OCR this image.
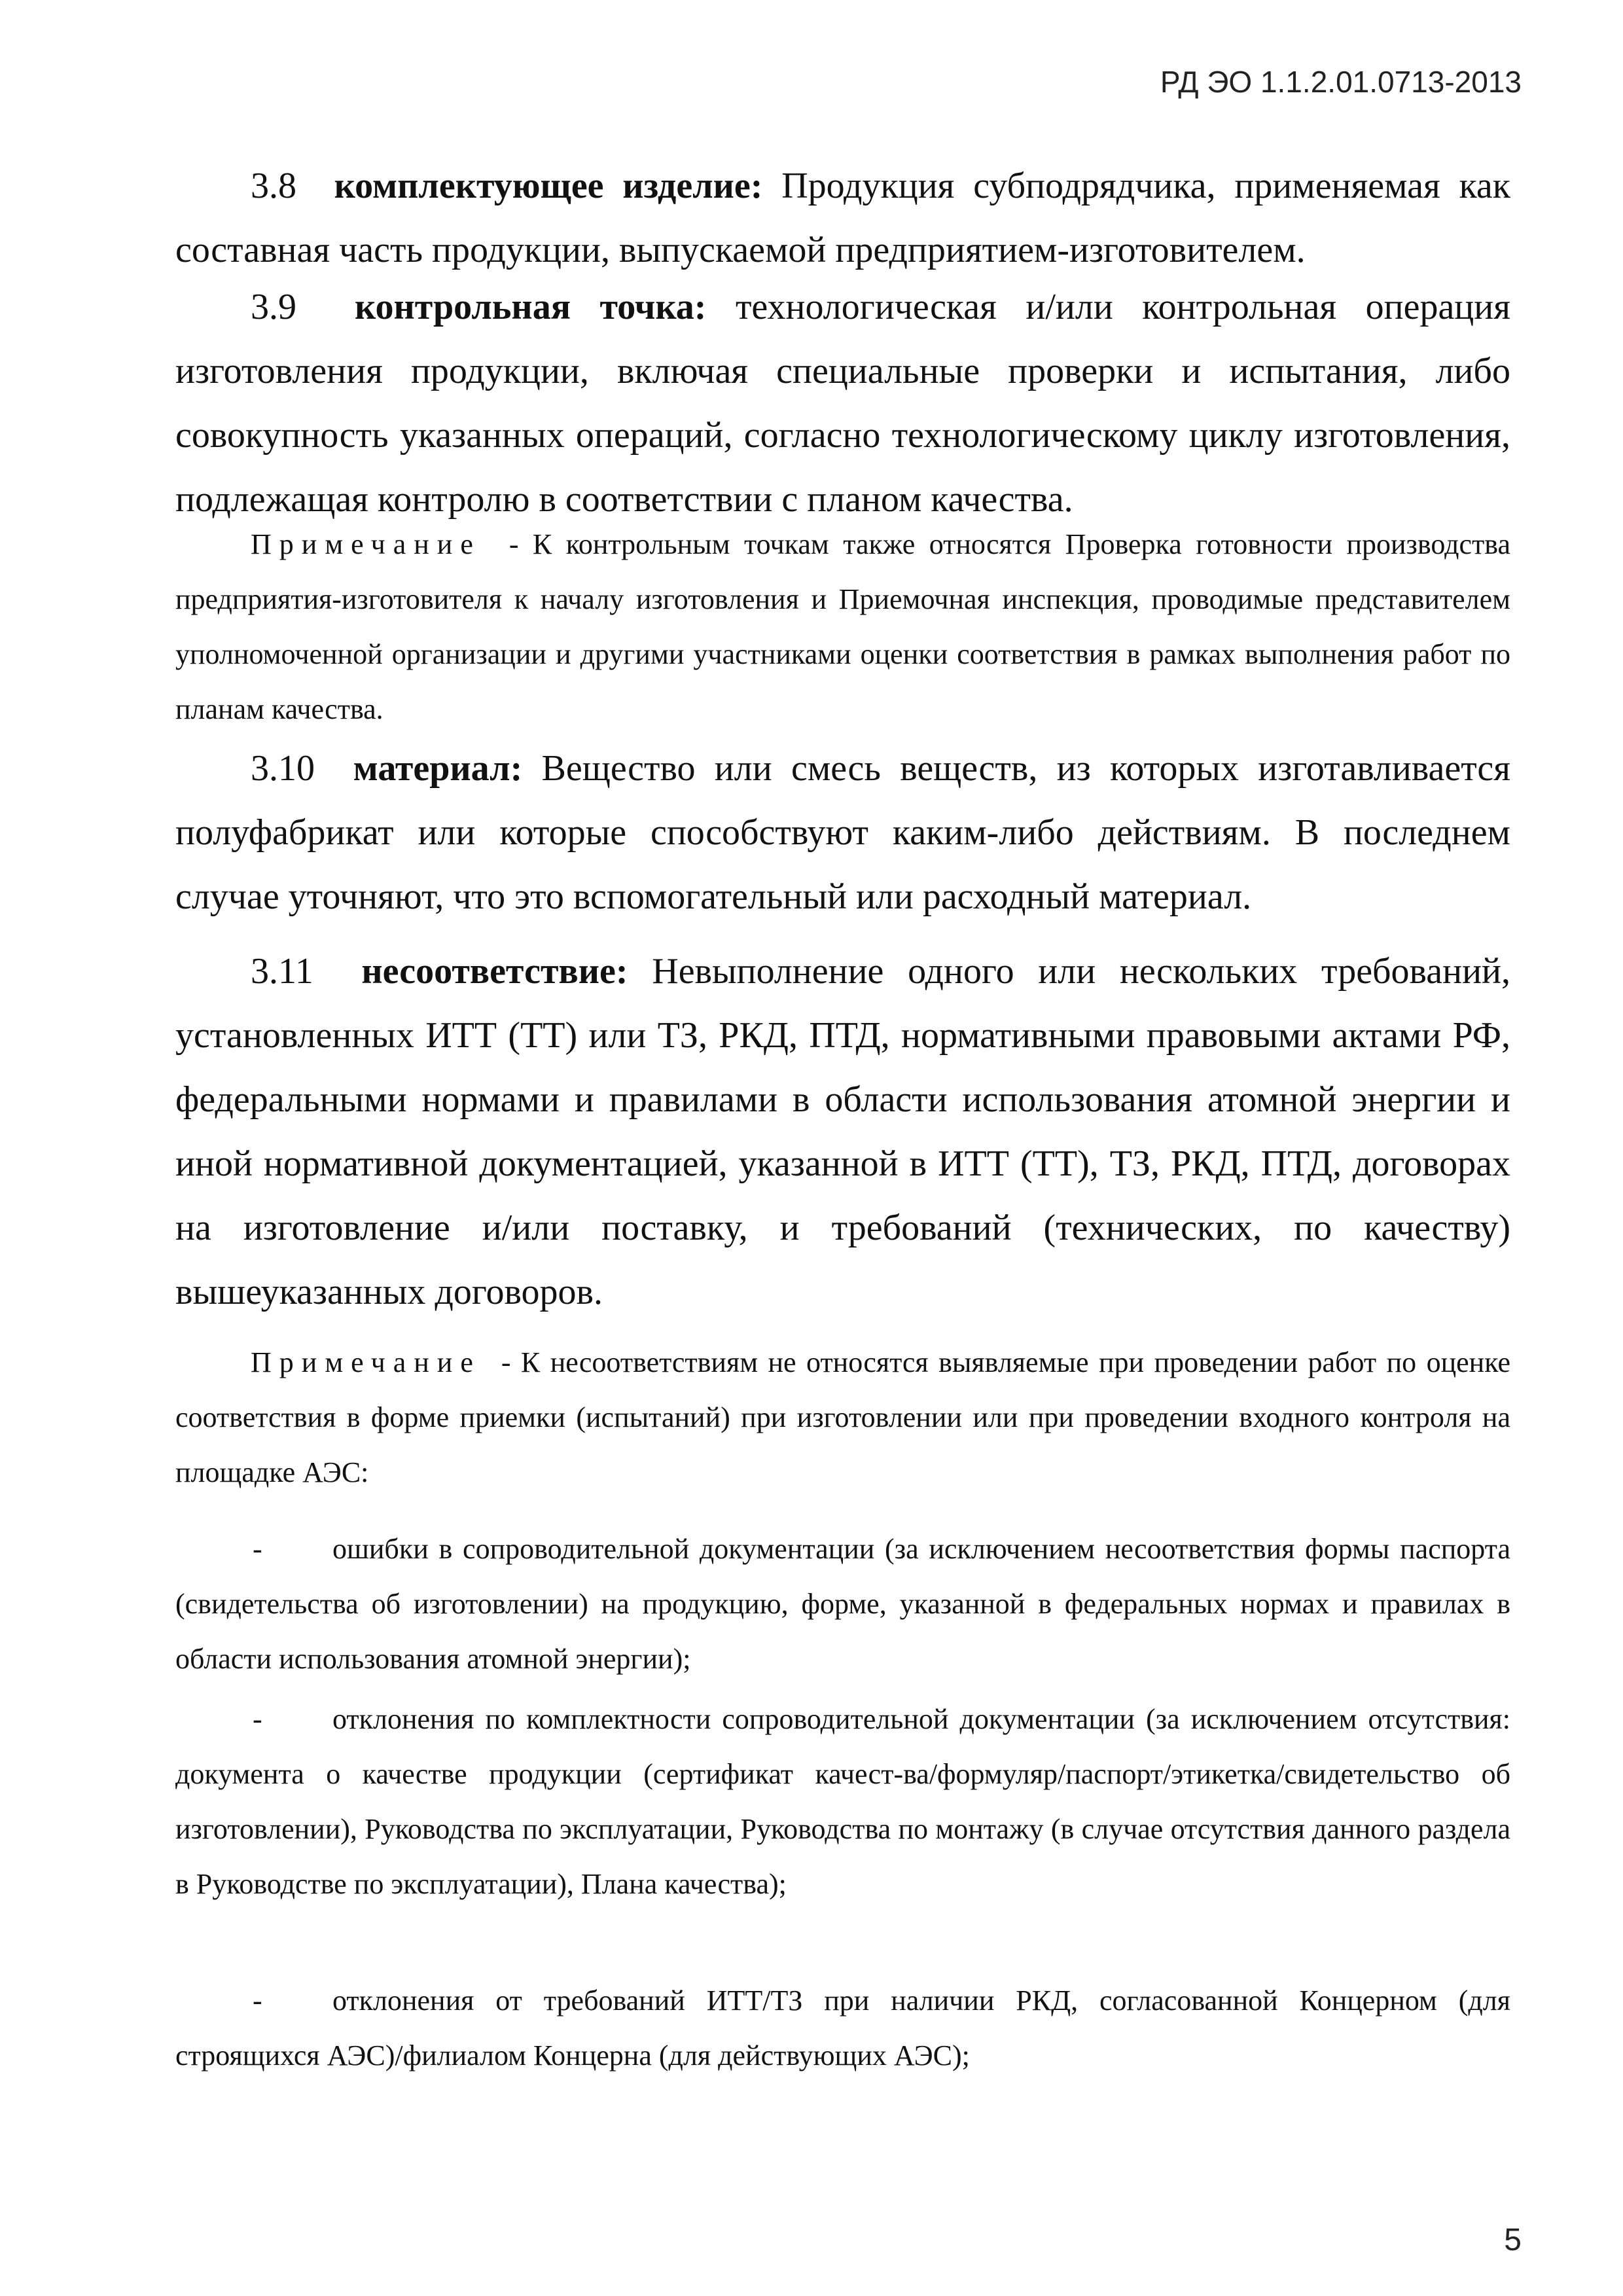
РД ЭО 1.1.2.01.0713-2013

3.8 комплектующее изделие: Продукция субподрядчика, применяемая как составная часть продукции, выпускаемой предприятием-изготовителем.

3.9 контрольная точка: технологическая и/или контрольная операция изготовления продукции, включая специальные проверки и испытания, либо совокупность указанных операций, согласно технологическому циклу изготовления, подлежащая контролю в соответствии с планом качества.

Примечание - К контрольным точкам также относятся Проверка готовности производства предприятия-изготовителя к началу изготовления и Приемочная инспекция, проводимые представителем уполномоченной организации и другими участниками оценки соответствия в рамках выполнения работ по планам качества.

3.10 материал: Вещество или смесь веществ, из которых изготавливается полуфабрикат или которые способствуют каким-либо действиям. В последнем случае уточняют, что это вспомогательный или расходный материал.

3.11 несоответствие: Невыполнение одного или нескольких требований, установленных ИТТ (ТТ) или ТЗ, РКД, ПТД, нормативными правовыми актами РФ, федеральными нормами и правилами в области использования атомной энергии и иной нормативной документацией, указанной в ИТТ (ТТ), ТЗ, РКД, ПТД, договорах на изготовление и/или поставку, и требований (технических, по качеству) вышеуказанных договоров.

Примечание - К несоответствиям не относятся выявляемые при проведении работ по оценке соответствия в форме приемки (испытаний) при изготовлении или при проведении входного контроля на площадке АЭС:

- ошибки в сопроводительной документации (за исключением несоответствия формы паспорта (свидетельства об изготовлении) на продукцию, форме, указанной в федеральных нормах и правилах в области использования атомной энергии);

- отклонения по комплектности сопроводительной документации (за исключением отсутствия: документа о качестве продукции (сертификат качест-ва/формуляр/паспорт/этикетка/свидетельство об изготовлении), Руководства по эксплуатации, Руководства по монтажу (в случае отсутствия данного раздела в Руководстве по эксплуатации), Плана качества);

- отклонения от требований ИТТ/ТЗ при наличии РКД, согласованной Концерном (для строящихся АЭС)/филиалом Концерна (для действующих АЭС);

5
